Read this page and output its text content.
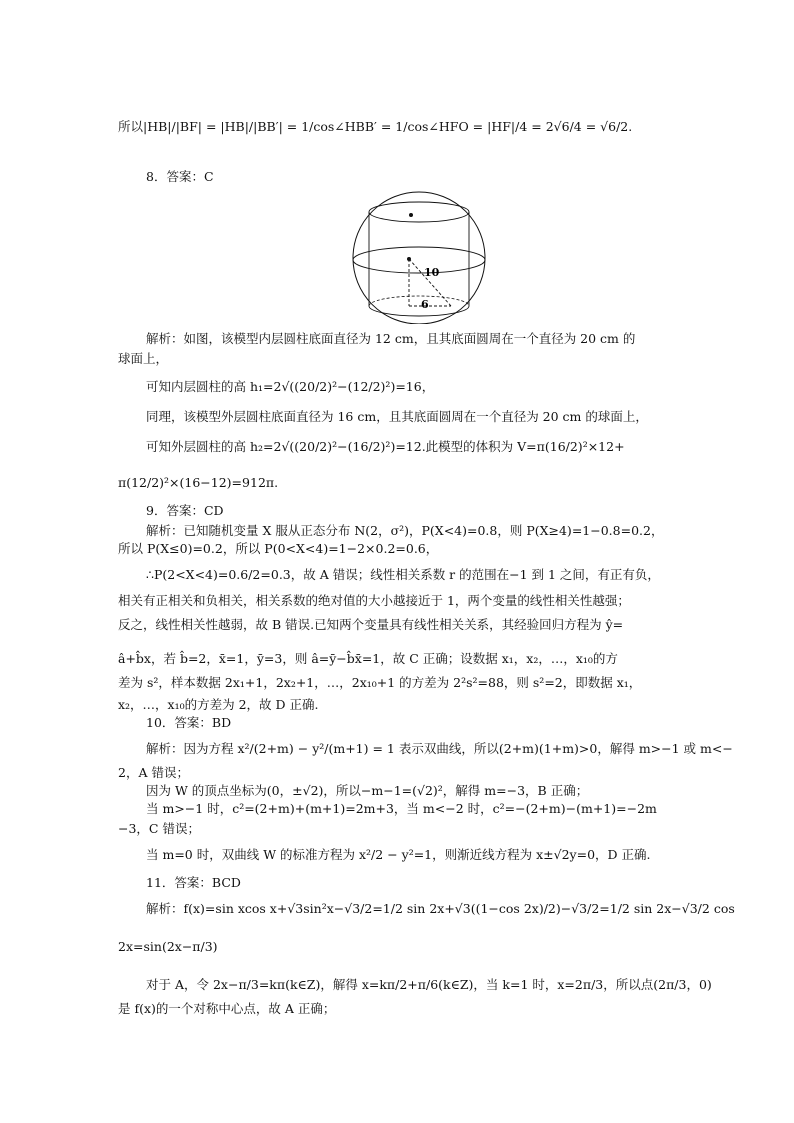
所以|HB|/|BF| = |HB|/|BB′| = 1/cos∠HBB′ = 1/cos∠HFO = |HF|/4 = 2√6/4 = √6/2.
8．答案：C
10
6
解析：如图，该模型内层圆柱底面直径为 12 cm，且其底面圆周在一个直径为 20 cm 的
球面上，
可知内层圆柱的高 h₁=2√((20/2)²−(12/2)²)=16，
同理，该模型外层圆柱底面直径为 16 cm，且其底面圆周在一个直径为 20 cm 的球面上，
可知外层圆柱的高 h₂=2√((20/2)²−(16/2)²)=12.此模型的体积为 V=π(16/2)²×12+
π(12/2)²×(16−12)=912π.
9．答案：CD
解析：已知随机变量 X 服从正态分布 N(2，σ²)，P(X<4)=0.8，则 P(X≥4)=1−0.8=0.2，
所以 P(X≤0)=0.2，所以 P(0<X<4)=1−2×0.2=0.6，
∴P(2<X<4)=0.6/2=0.3，故 A 错误；线性相关系数 r 的范围在−1 到 1 之间，有正有负，
相关有正相关和负相关，相关系数的绝对值的大小越接近于 1，两个变量的线性相关性越强；
反之，线性相关性越弱，故 B 错误.已知两个变量具有线性相关关系，其经验回归方程为 ŷ=
â+b̂x，若 b̂=2，x̄=1，ȳ=3，则 â=ȳ−b̂x̄=1，故 C 正确；设数据 x₁，x₂，…，x₁₀的方
差为 s²，样本数据 2x₁+1，2x₂+1，…，2x₁₀+1 的方差为 2²s²=88，则 s²=2，即数据 x₁，
x₂，…，x₁₀的方差为 2，故 D 正确.
10．答案：BD
解析：因为方程 x²/(2+m) − y²/(m+1) = 1 表示双曲线，所以(2+m)(1+m)>0，解得 m>−1 或 m<−
2，A 错误；
因为 W 的顶点坐标为(0，±√2)，所以−m−1=(√2)²，解得 m=−3，B 正确；
当 m>−1 时，c²=(2+m)+(m+1)=2m+3，当 m<−2 时，c²=−(2+m)−(m+1)=−2m
−3，C 错误；
当 m=0 时，双曲线 W 的标准方程为 x²/2 − y²=1，则渐近线方程为 x±√2y=0，D 正确.
11．答案：BCD
解析：f(x)=sin xcos x+√3sin²x−√3/2=1/2 sin 2x+√3((1−cos 2x)/2)−√3/2=1/2 sin 2x−√3/2 cos
2x=sin(2x−π/3)
对于 A，令 2x−π/3=kπ(k∈Z)，解得 x=kπ/2+π/6(k∈Z)，当 k=1 时，x=2π/3，所以点(2π/3，0)
是 f(x)的一个对称中心点，故 A 正确；
